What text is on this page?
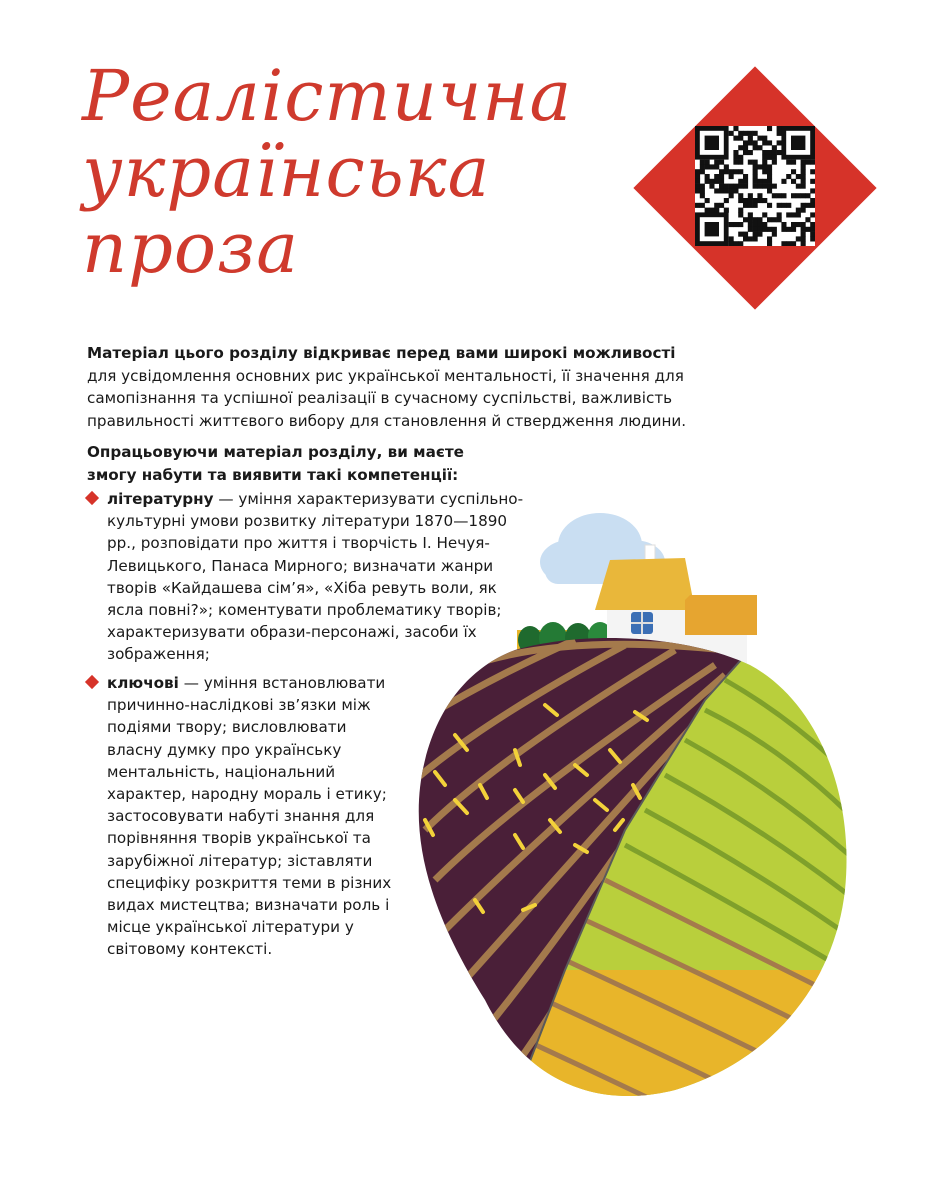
Реалістична
українська
проза

Матеріал цього розділу відкриває перед вами широкі можливості для усвідомлення основних рис української ментальності, її значення для самопізнання та успішної реалізації в сучасному суспільстві, важливість правильності життєвого вибору для становлення й ствердження людини.

Опрацьовуючи матеріал розділу, ви маєте змогу набути та виявити такі компетенції:

літературну — уміння характеризувати суспільно-культурні умови розвитку літератури 1870—1890 рр., розповідати про життя і творчість І. Нечуя-Левицького, Панаса Мирного; визначати жанри творів «Кайдашева сім’я», «Хіба ревуть воли, як ясла повні?»; коментувати проблематику творів; характеризувати образи-персонажі, засоби їх зображення;
ключові — уміння встановлювати причинно-наслідкові зв’язки між подіями твору; висловлювати власну думку про українську ментальність, національний характер, народну мораль і етику; застосовувати набуті знання для порівняння творів української та зарубіжної літератур; зіставляти специфіку розкриття теми в різних видах мистецтва; визначати роль і місце української літератури у світовому контексті.
